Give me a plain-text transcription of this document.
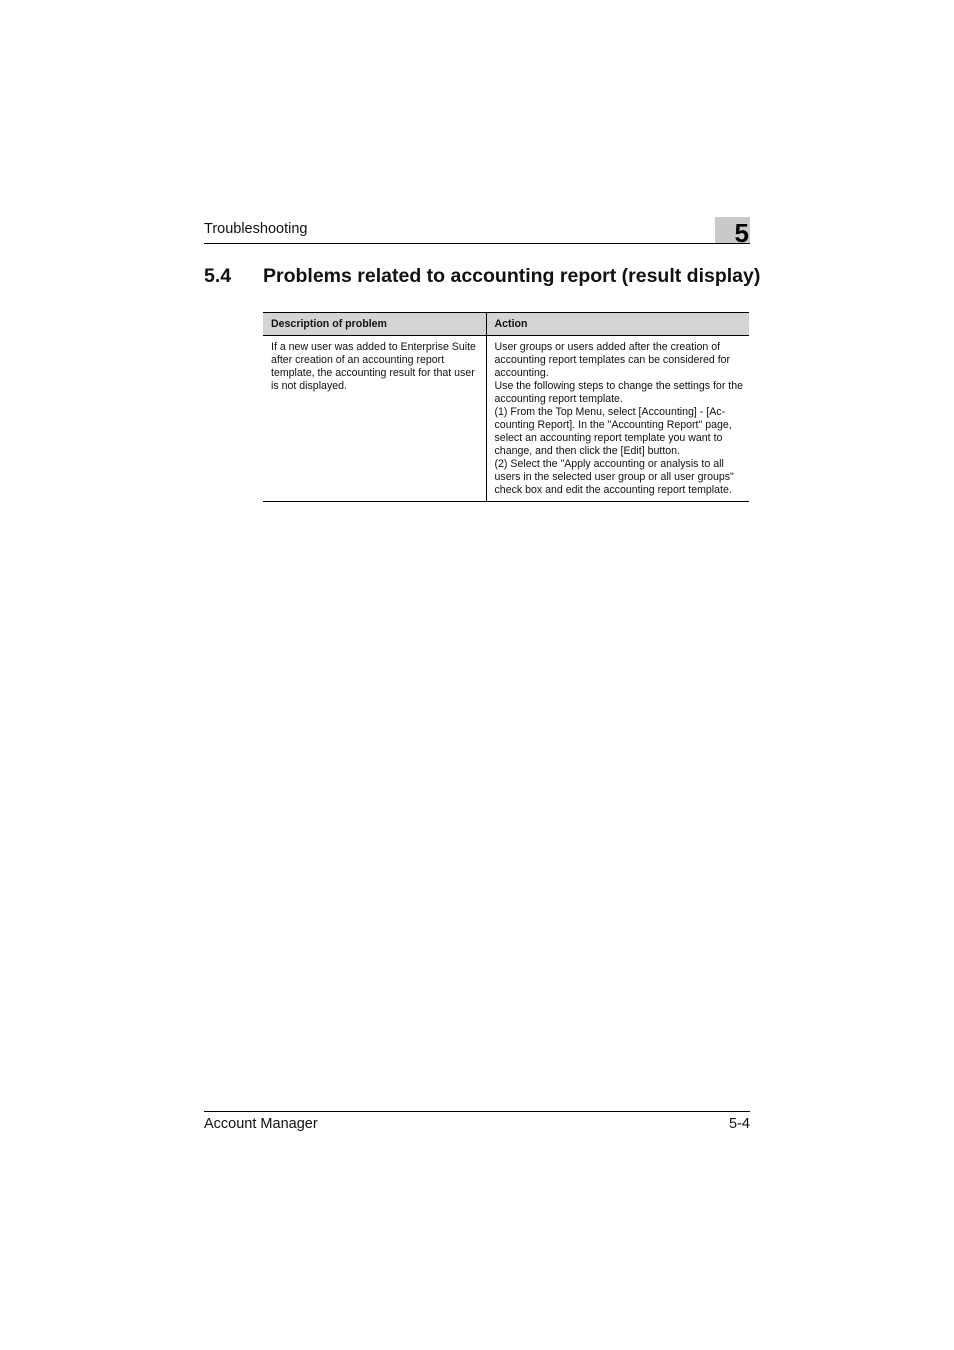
Troubleshooting	5
5.4 Problems related to accounting report (result display)
Description of problem	Action
If a new user was added to Enterprise Suite after creation of an accounting report template, the accounting result for that user is not displayed.	User groups or users added after the creation of accounting report templates can be considered for accounting.
Use the following steps to change the settings for the accounting report template.
(1) From the Top Menu, select [Accounting] - [Accounting Report]. In the "Accounting Report" page, select an accounting report template you want to change, and then click the [Edit] button.
(2) Select the "Apply accounting or analysis to all users in the selected user group or all user groups" check box and edit the accounting report template.
Account Manager	5-4
